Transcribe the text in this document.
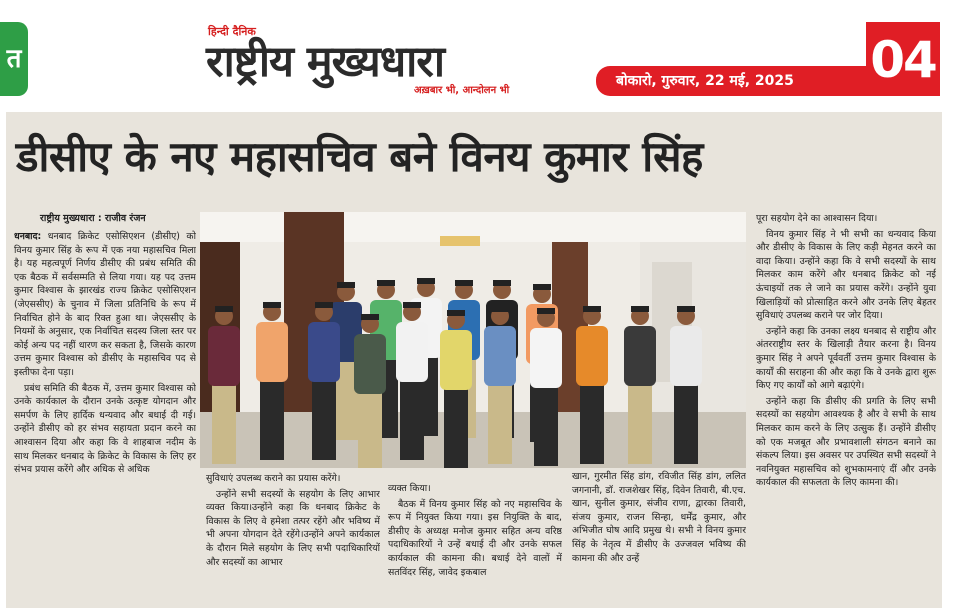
त
हिन्दी दैनिक
राष्ट्रीय मुख्यधारा
अख़बार भी, आन्दोलन भी
बोकारो, गुरुवार, 22 मई, 2025 04
डीसीए के नए महासचिव बने विनय कुमार सिंह
राष्ट्रीय मुख्यधारा : राजीव रंजन

धनबाद: धनबाद क्रिकेट एसोसिएशन (डीसीए) को विनय कुमार सिंह के रूप में एक नया महासचिव मिला है। यह महत्वपूर्ण निर्णय डीसीए की प्रबंध समिति की एक बैठक में सर्वसम्मति से लिया गया। यह पद उत्तम कुमार विश्वास के झारखंड राज्य क्रिकेट एसोसिएशन (जेएससीए) के चुनाव में जिला प्रतिनिधि के रूप में निर्वाचित होने के बाद रिक्त हुआ था। जेएससीए के नियमों के अनुसार, एक निर्वाचित सदस्य जिला स्तर पर कोई अन्य पद नहीं धारण कर सकता है, जिसके कारण उत्तम कुमार विश्वास को डीसीए के महासचिव पद से इस्तीफा देना पड़ा।

प्रबंध समिति की बैठक में, उत्तम कुमार विश्वास को उनके कार्यकाल के दौरान उनके उत्कृष्ट योगदान और समर्पण के लिए हार्दिक धन्यवाद और बधाई दी गई। उन्होंने डीसीए को हर संभव सहायता प्रदान करने का आश्वासन दिया और कहा कि वे शाहबाज नदीम के साथ मिलकर धनबाद के क्रिकेट के विकास के लिए हर संभव प्रयास करेंगे और अधिक से अधिक

सुविधाएं उपलब्ध कराने का प्रयास करेंगे।

उन्होंने सभी सदस्यों के सहयोग के लिए आभार व्यक्त किया।उन्होंने कहा कि धनबाद क्रिकेट के विकास के लिए वे हमेशा तत्पर रहेंगे और भविष्य में भी अपना योगदान देते रहेंगे।उन्होंने अपने कार्यकाल के दौरान मिले सहयोग के लिए सभी पदाधिकारियों और सदस्यों का आभार

व्यक्त किया।

बैठक में विनय कुमार सिंह को नए महासचिव के रूप में नियुक्त किया गया। इस नियुक्ति के बाद, डीसीए के अध्यक्ष मनोज कुमार सहित अन्य वरिष्ठ पदाधिकारियों ने उन्हें बधाई दी और उनके सफल कार्यकाल की कामना की। बधाई देने वालों में सतविंदर सिंह, जावेद इकबाल

खान, गुरमीत सिंह डांग, रविजीत सिंह डांग, ललित जगनानी, डॉ. राजशेखर सिंह, दिवेन तिवारी, बी.एच. खान, सुनील कुमार, संजीव राणा, द्वारका तिवारी, संजय कुमार, राजन सिन्हा, धर्मेंद्र कुमार, और अभिजीत घोष आदि प्रमुख थे। सभी ने विनय कुमार सिंह के नेतृत्व में डीसीए के उज्जवल भविष्य की कामना की और उन्हें

पूरा सहयोग देने का आश्वासन दिया।

विनय कुमार सिंह ने भी सभी का धन्यवाद किया और डीसीए के विकास के लिए कड़ी मेहनत करने का वादा किया। उन्होंने कहा कि वे सभी सदस्यों के साथ मिलकर काम करेंगे और धनबाद क्रिकेट को नई ऊंचाइयों तक ले जाने का प्रयास करेंगे। उन्होंने युवा खिलाड़ियों को प्रोत्साहित करने और उनके लिए बेहतर सुविधाएं उपलब्ध कराने पर जोर दिया।

उन्होंने कहा कि उनका लक्ष्य धनबाद से राष्ट्रीय और अंतरराष्ट्रीय स्तर के खिलाड़ी तैयार करना है। विनय कुमार सिंह ने अपने पूर्ववर्ती उत्तम कुमार विश्वास के कार्यों की सराहना की और कहा कि वे उनके द्वारा शुरू किए गए कार्यों को आगे बढ़ाएंगे।

उन्होंने कहा कि डीसीए की प्रगति के लिए सभी सदस्यों का सहयोग आवश्यक है और वे सभी के साथ मिलकर काम करने के लिए उत्सुक हैं। उन्होंने डीसीए को एक मजबूत और प्रभावशाली संगठन बनाने का संकल्प लिया। इस अवसर पर उपस्थित सभी सदस्यों ने नवनियुक्त महासचिव को शुभकामनाएं दीं और उनके कार्यकाल की सफलता के लिए कामना की।
